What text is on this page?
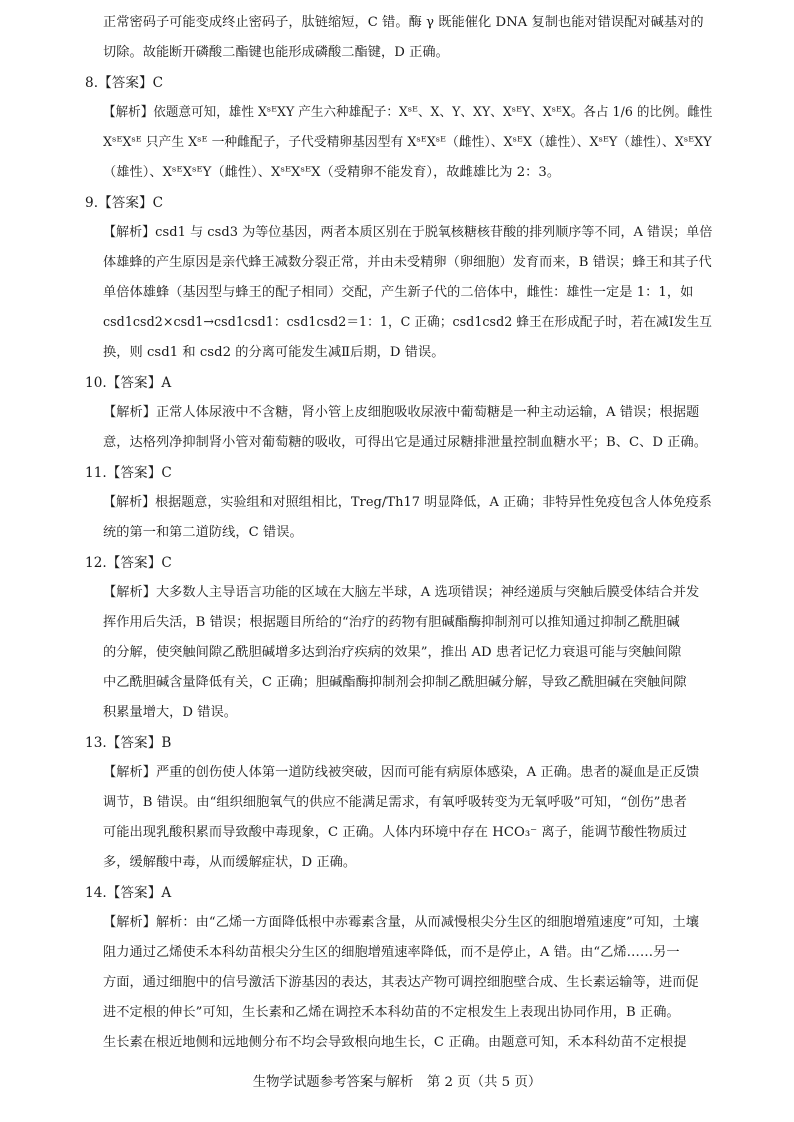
正常密码子可能变成终止密码子，肽链缩短，C 错。酶 γ 既能催化 DNA 复制也能对错误配对碱基对的
切除。故能断开磷酸二酯键也能形成磷酸二酯键，D 正确。
8.【答案】C
【解析】依题意可知，雄性 XˢᴱXY 产生六种雄配子：Xˢᴱ、X、Y、XY、XˢᴱY、XˢᴱX。各占 1/6 的比例。雌性
XˢᴱXˢᴱ 只产生 Xˢᴱ 一种雌配子，子代受精卵基因型有 XˢᴱXˢᴱ（雌性）、XˢᴱX（雄性）、XˢᴱY（雄性）、XˢᴱXY
（雄性）、XˢᴱXˢᴱY（雌性）、XˢᴱXˢᴱX（受精卵不能发育），故雌雄比为 2：3。
9.【答案】C
【解析】csd1 与 csd3 为等位基因，两者本质区别在于脱氧核糖核苷酸的排列顺序等不同，A 错误；单倍
体雄蜂的产生原因是亲代蜂王减数分裂正常，并由未受精卵（卵细胞）发育而来，B 错误；蜂王和其子代
单倍体雄蜂（基因型与蜂王的配子相同）交配，产生新子代的二倍体中，雌性：雄性一定是 1：1，如
csd1csd2×csd1→csd1csd1：csd1csd2＝1：1，C 正确；csd1csd2 蜂王在形成配子时，若在减Ⅰ发生互
换，则 csd1 和 csd2 的分离可能发生减Ⅱ后期，D 错误。
10.【答案】A
【解析】正常人体尿液中不含糖，肾小管上皮细胞吸收尿液中葡萄糖是一种主动运输，A 错误；根据题
意，达格列净抑制肾小管对葡萄糖的吸收，可得出它是通过尿糖排泄量控制血糖水平；B、C、D 正确。
11.【答案】C
【解析】根据题意，实验组和对照组相比，Treg/Th17 明显降低，A 正确；非特异性免疫包含人体免疫系
统的第一和第二道防线，C 错误。
12.【答案】C
【解析】大多数人主导语言功能的区域在大脑左半球，A 选项错误；神经递质与突触后膜受体结合并发
挥作用后失活，B 错误；根据题目所给的“治疗的药物有胆碱酯酶抑制剂可以推知通过抑制乙酰胆碱
的分解，使突触间隙乙酰胆碱增多达到治疗疾病的效果”，推出 AD 患者记忆力衰退可能与突触间隙
中乙酰胆碱含量降低有关，C 正确；胆碱酯酶抑制剂会抑制乙酰胆碱分解，导致乙酰胆碱在突触间隙
积累量增大，D 错误。
13.【答案】B
【解析】严重的创伤使人体第一道防线被突破，因而可能有病原体感染，A 正确。患者的凝血是正反馈
调节，B 错误。由“组织细胞氧气的供应不能满足需求，有氧呼吸转变为无氧呼吸”可知，“创伤”患者
可能出现乳酸积累而导致酸中毒现象，C 正确。人体内环境中存在 HCO₃⁻ 离子，能调节酸性物质过
多，缓解酸中毒，从而缓解症状，D 正确。
14.【答案】A
【解析】解析：由“乙烯一方面降低根中赤霉素含量，从而减慢根尖分生区的细胞增殖速度”可知，土壤
阻力通过乙烯使禾本科幼苗根尖分生区的细胞增殖速率降低，而不是停止，A 错。由“乙烯……另一
方面，通过细胞中的信号激活下游基因的表达，其表达产物可调控细胞壁合成、生长素运输等，进而促
进不定根的伸长”可知，生长素和乙烯在调控禾本科幼苗的不定根发生上表现出协同作用，B 正确。
生长素在根近地侧和远地侧分布不均会导致根向地生长，C 正确。由题意可知，禾本科幼苗不定根提
生物学试题参考答案与解析　第 2 页（共 5 页）
